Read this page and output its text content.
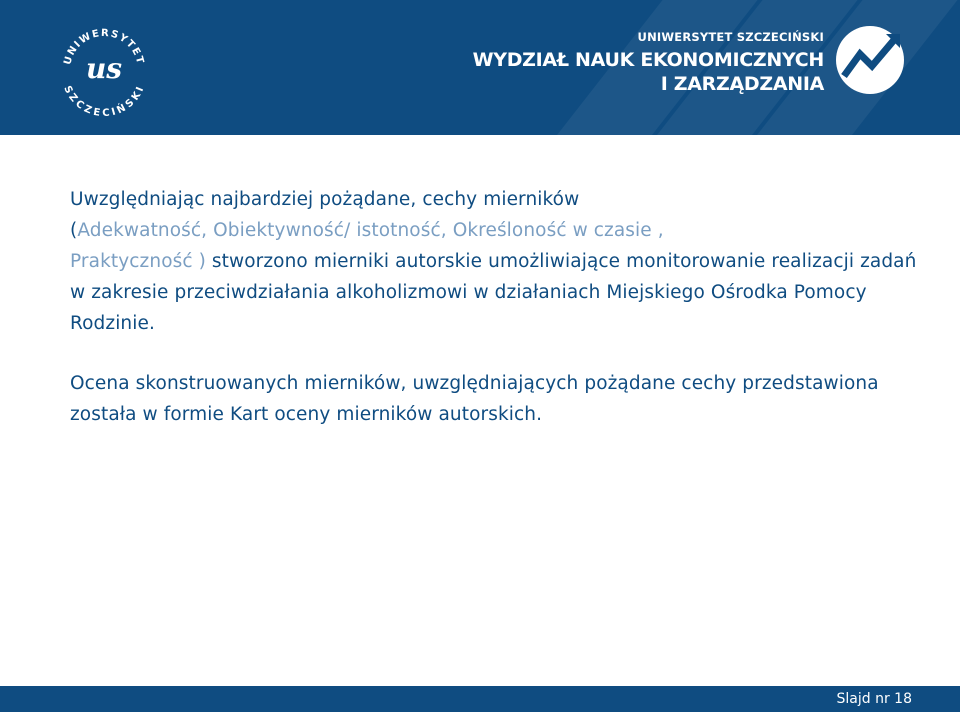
UNIWERSYTET
SZCZECIŃSKI
us
UNIWERSYTET SZCZECIŃSKI
WYDZIAŁ NAUK EKONOMICZNYCH
I ZARZĄDZANIA

Uwzględniając najbardziej pożądane, cechy mierników
(Adekwatność, Obiektywność/ istotność, Określoność w czasie ,
Praktyczność ) stworzono mierniki autorskie umożliwiające monitorowanie realizacji zadań w zakresie przeciwdziałania alkoholizmowi w działaniach Miejskiego Ośrodka Pomocy Rodzinie.

Ocena skonstruowanych mierników, uwzględniających pożądane cechy przedstawiona została w formie Kart oceny mierników autorskich.

Slajd nr 18
